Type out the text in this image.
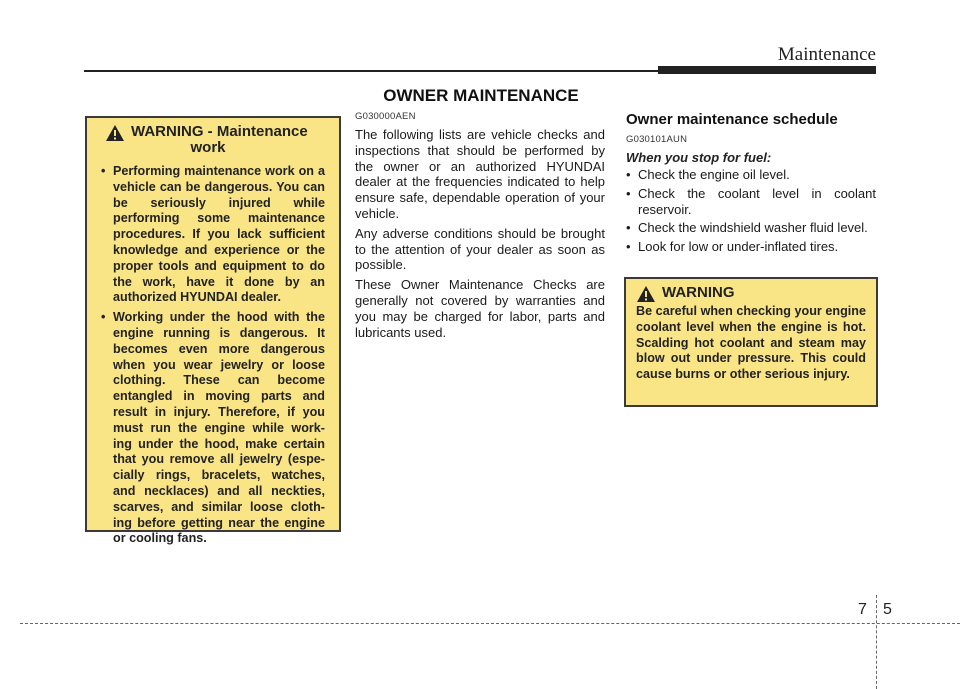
Maintenance
OWNER MAINTENANCE
WARNING - Maintenance
work
• Performing maintenance work on a vehicle can be dangerous. You can be seriously injured while performing some maintenance procedures. If you lack sufficient knowledge and experience or the proper tools and equipment to do the work, have it done by an authorized HYUNDAI dealer.
• Working under the hood with the engine running is dangerous. It becomes even more dangerous when you wear jewelry or loose clothing. These can become entangled in moving parts and result in injury. Therefore, if you must run the engine while work- ing under the hood, make certain that you remove all jewelry (espe- cially rings, bracelets, watches, and necklaces) and all neckties, scarves, and similar loose cloth- ing before getting near the engine or cooling fans.

G030000AEN

The following lists are vehicle checks and inspections that should be performed by the owner or an authorized HYUNDAI dealer at the frequencies indicated to help ensure safe, dependable operation of your vehicle.

Any adverse conditions should be brought to the attention of your dealer as soon as possible.

These Owner Maintenance Checks are generally not covered by warranties and you may be charged for labor, parts and lubricants used.

Owner maintenance schedule

G030101AUN

When you stop for fuel:

• Check the engine oil level.
• Check the coolant level in coolant reservoir.
• Check the windshield washer fluid level.
• Look for low or under-inflated tires.
WARNING
Be careful when checking your engine coolant level when the engine is hot. Scalding hot coolant and steam may blow out under pressure. This could cause burns or other serious injury.
7 5
